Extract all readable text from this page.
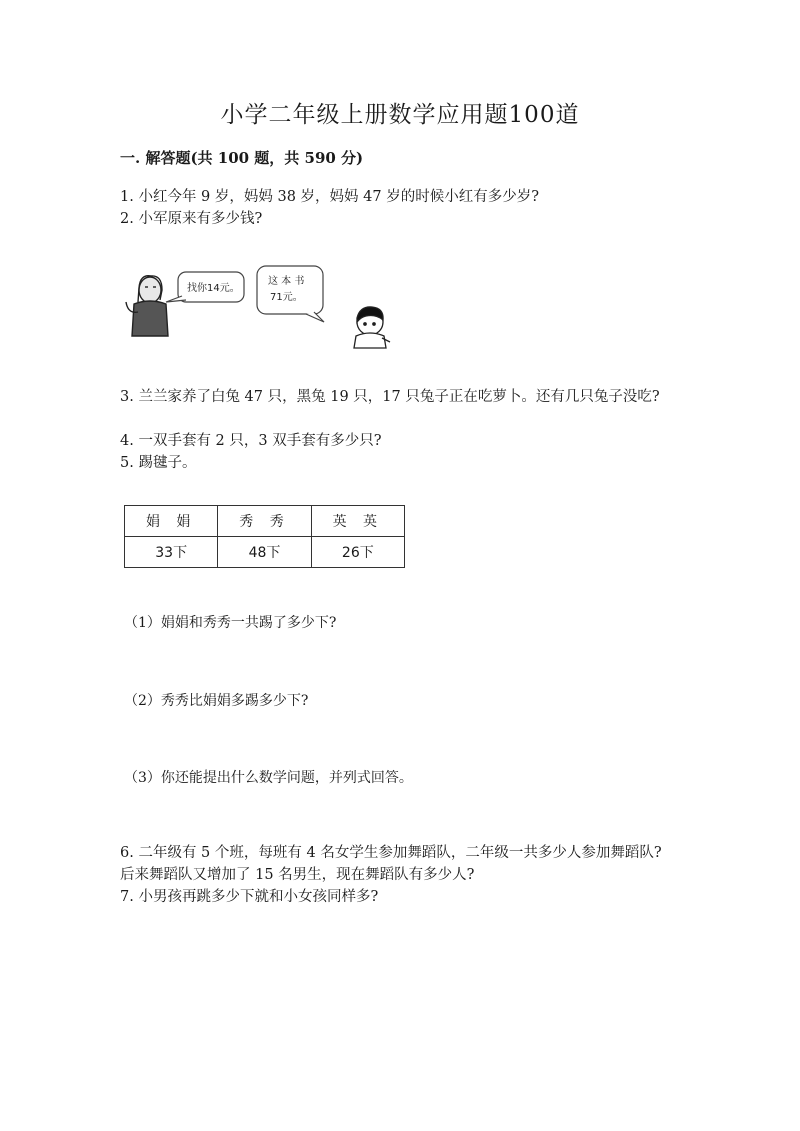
小学二年级上册数学应用题100道
一. 解答题(共 100 题，共 590 分)
1. 小红今年 9 岁，妈妈 38 岁，妈妈 47 岁的时候小红有多少岁?
2. 小军原来有多少钱?
找你14元。
这 本 书
71元。
3. 兰兰家养了白兔 47 只，黑兔 19 只，17 只兔子正在吃萝卜。还有几只兔子没吃?
4. 一双手套有 2 只，3 双手套有多少只?
5. 踢毽子。
娟 娟	秀 秀	英 英
33下	48下	26下
（1）娟娟和秀秀一共踢了多少下?
（2）秀秀比娟娟多踢多少下?
（3）你还能提出什么数学问题，并列式回答。
6. 二年级有 5 个班，每班有 4 名女学生参加舞蹈队，二年级一共多少人参加舞蹈队? 后来舞蹈队又增加了 15 名男生，现在舞蹈队有多少人?
7. 小男孩再跳多少下就和小女孩同样多?
